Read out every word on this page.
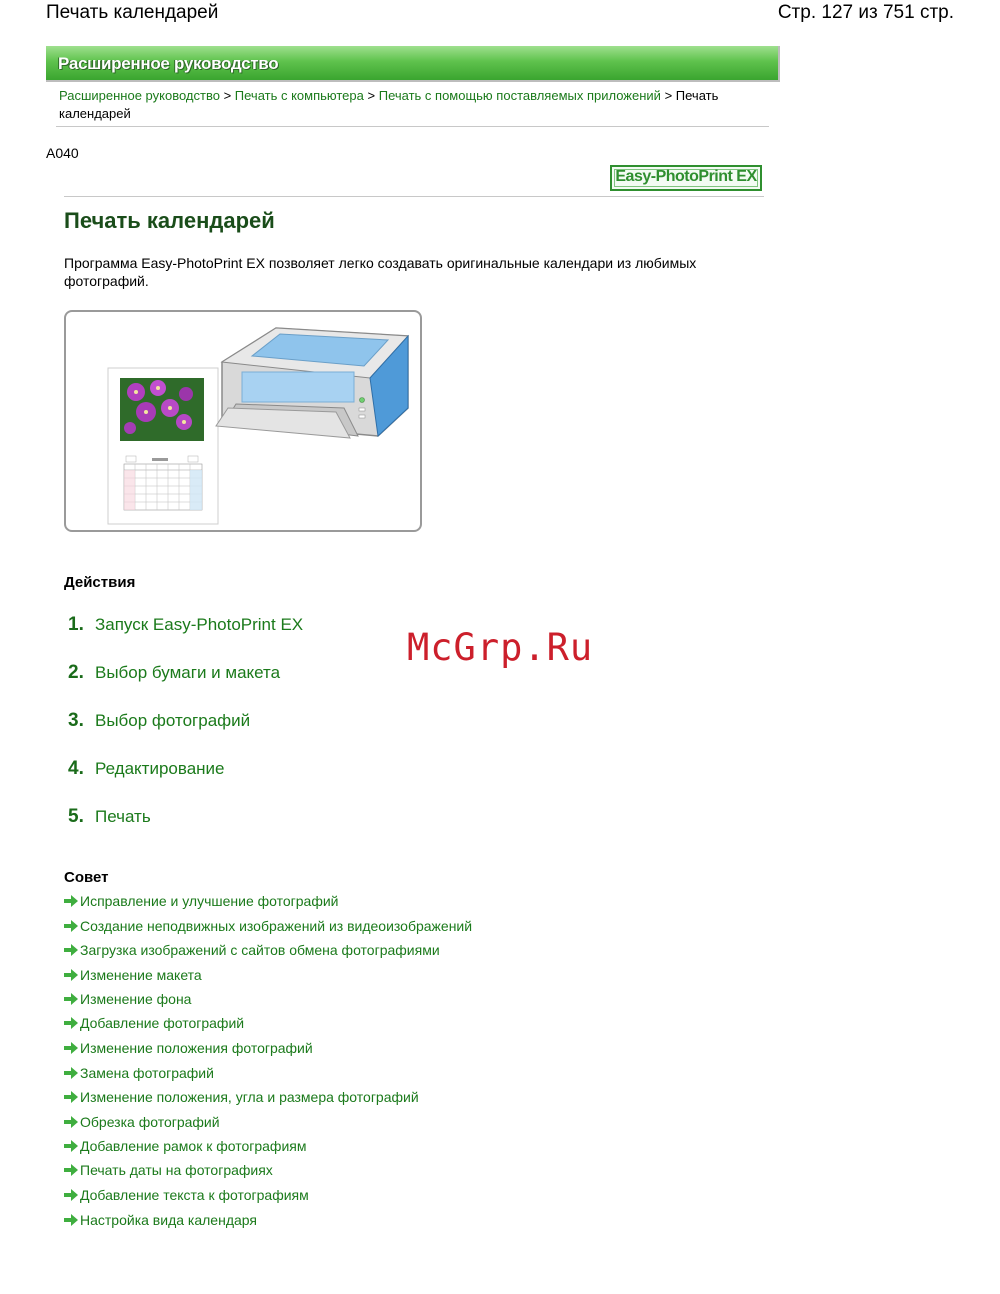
Печать календарей	Стр. 127 из 751 стр.
Расширенное руководство
Расширенное руководство > Печать с компьютера > Печать с помощью поставляемых приложений > Печать календарей
A040
Easy-PhotoPrint EX
Печать календарей
Программа Easy-PhotoPrint EX позволяет легко создавать оригинальные календари из любимых фотографий.
Действия
1. Запуск Easy-PhotoPrint EX
2. Выбор бумаги и макета
3. Выбор фотографий
4. Редактирование
5. Печать
McGrp.Ru
Совет
Исправление и улучшение фотографий
Создание неподвижных изображений из видеоизображений
Загрузка изображений с сайтов обмена фотографиями
Изменение макета
Изменение фона
Добавление фотографий
Изменение положения фотографий
Замена фотографий
Изменение положения, угла и размера фотографий
Обрезка фотографий
Добавление рамок к фотографиям
Печать даты на фотографиях
Добавление текста к фотографиям
Настройка вида календаря
